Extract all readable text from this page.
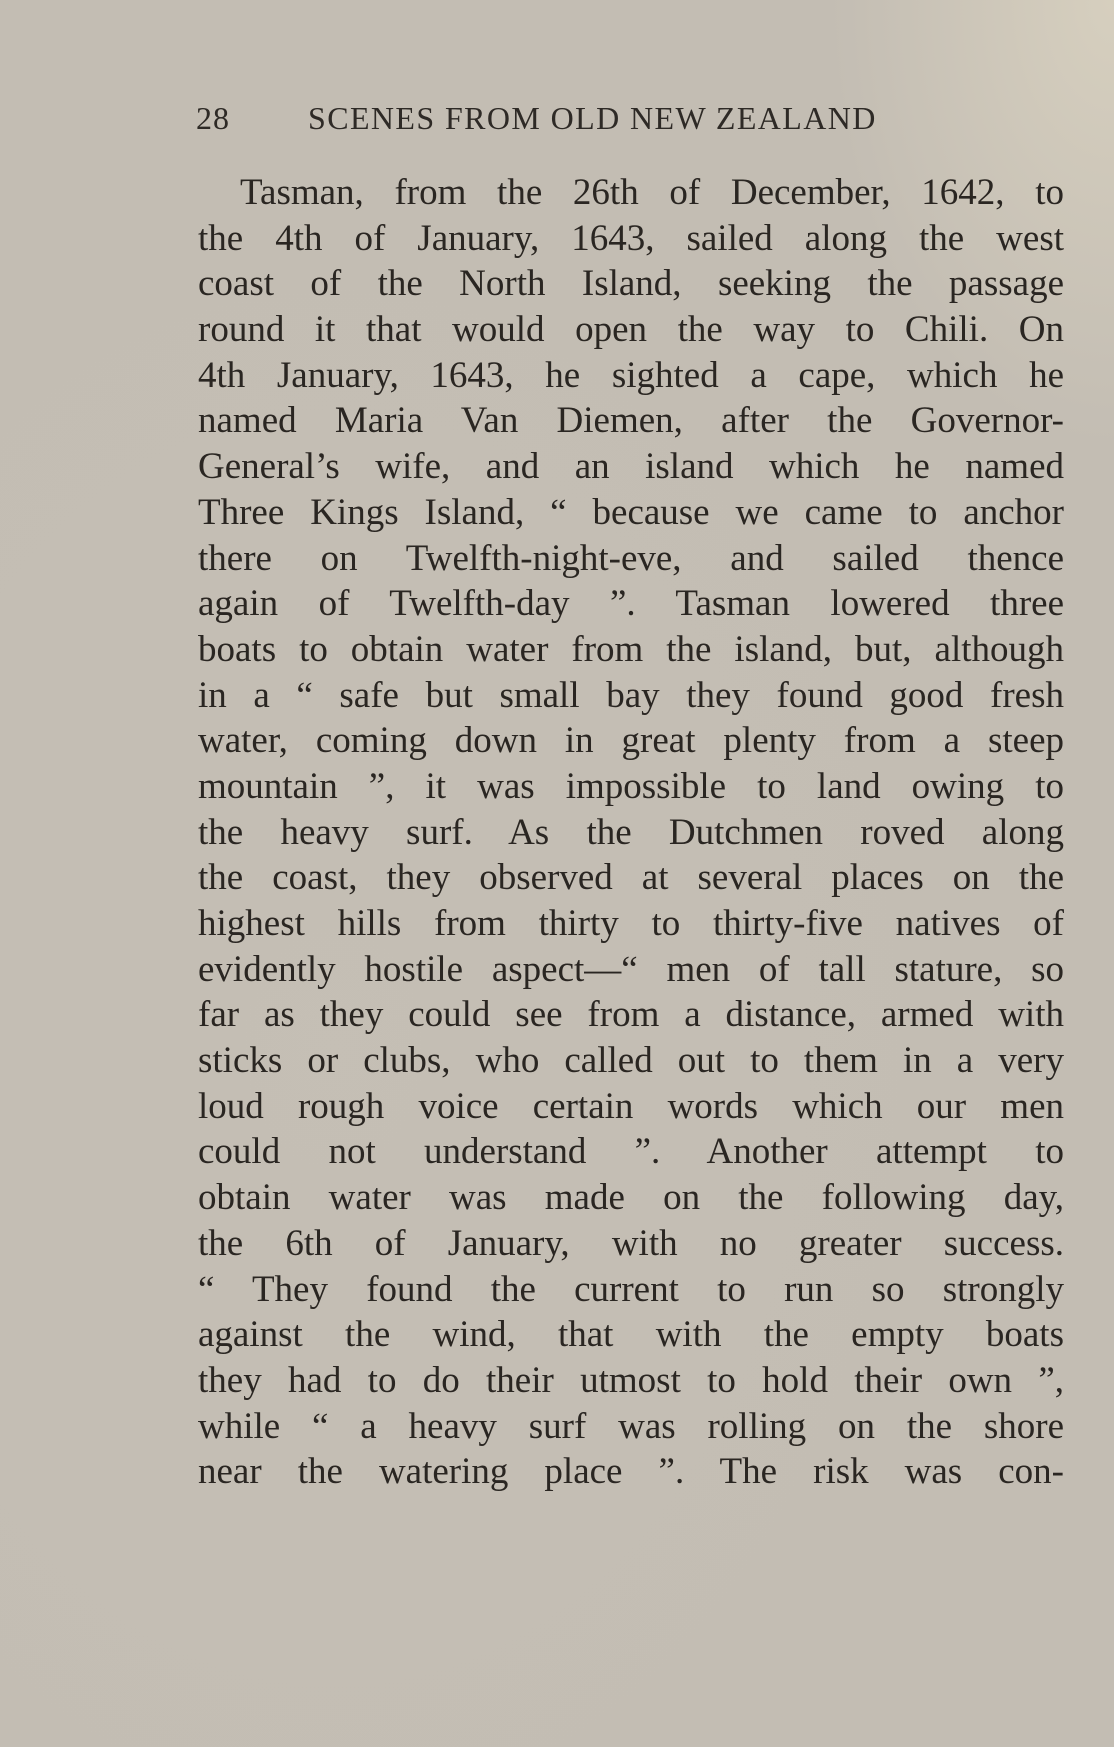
28 SCENES FROM OLD NEW ZEALAND
Tasman, from the 26th of December, 1642, to
the 4th of January, 1643, sailed along the west
coast of the North Island, seeking the passage
round it that would open the way to Chili. On
4th January, 1643, he sighted a cape, which he
named Maria Van Diemen, after the Governor-
General’s wife, and an island which he named
Three Kings Island, “ because we came to anchor
there on Twelfth-night-eve, and sailed thence
again of Twelfth-day ”. Tasman lowered three
boats to obtain water from the island, but, although
in a “ safe but small bay they found good fresh
water, coming down in great plenty from a steep
mountain ”, it was impossible to land owing to
the heavy surf. As the Dutchmen roved along
the coast, they observed at several places on the
highest hills from thirty to thirty-five natives of
evidently hostile aspect—“ men of tall stature, so
far as they could see from a distance, armed with
sticks or clubs, who called out to them in a very
loud rough voice certain words which our men
could not understand ”. Another attempt to
obtain water was made on the following day,
the 6th of January, with no greater success.
“ They found the current to run so strongly
against the wind, that with the empty boats
they had to do their utmost to hold their own ”,
while “ a heavy surf was rolling on the shore
near the watering place ”. The risk was con-
